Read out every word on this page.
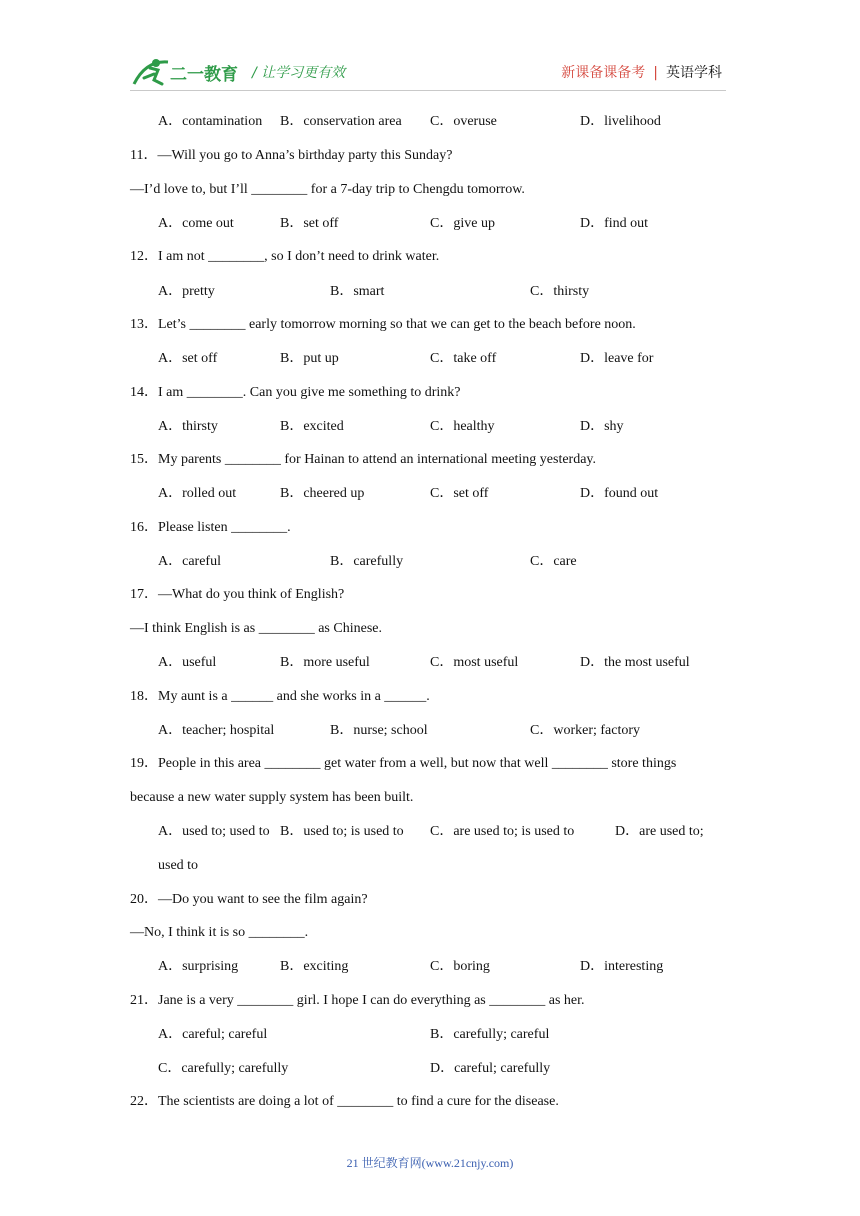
二一教育 / 让学习更有效	新课备课备考 | 英语学科
A．contamination B．conservation area C．overuse	D．livelihood
11．—Will you go to Anna’s birthday party this Sunday?
—I’d love to, but I’ll ________ for a 7-day trip to Chengdu tomorrow.
A．come out	B．set off	C．give up	D．find out
12．I am not ________, so I don’t need to drink water.
A．pretty	B．smart	C．thirsty
13．Let’s ________ early tomorrow morning so that we can get to the beach before noon.
A．set off	B．put up	C．take off	D．leave for
14．I am ________. Can you give me something to drink?
A．thirsty	B．excited	C．healthy	D．shy
15．My parents ________ for Hainan to attend an international meeting yesterday.
A．rolled out	B．cheered up	C．set off	D．found out
16．Please listen ________.
A．careful	B．carefully	C．care
17．—What do you think of English?
—I think English is as ________ as Chinese.
A．useful	B．more useful	C．most useful	D．the most useful
18．My aunt is a ______ and she works in a ______.
A．teacher; hospital	B．nurse; school	C．worker; factory
19．People in this area ________ get water from a well, but now that well ________ store things
because a new water supply system has been built.
A．used to; used to B．used to; is used to C．are used to; is used to	D．are used to;
used to
20．—Do you want to see the film again?
—No, I think it is so ________.
A．surprising	B．exciting	C．boring	D．interesting
21．Jane is a very ________ girl. I hope I can do everything as ________ as her.
A．careful; careful	B．carefully; careful
C．carefully; carefully	D．careful; carefully
22．The scientists are doing a lot of ________ to find a cure for the disease.
21 世纪教育网(www.21cnjy.com)
